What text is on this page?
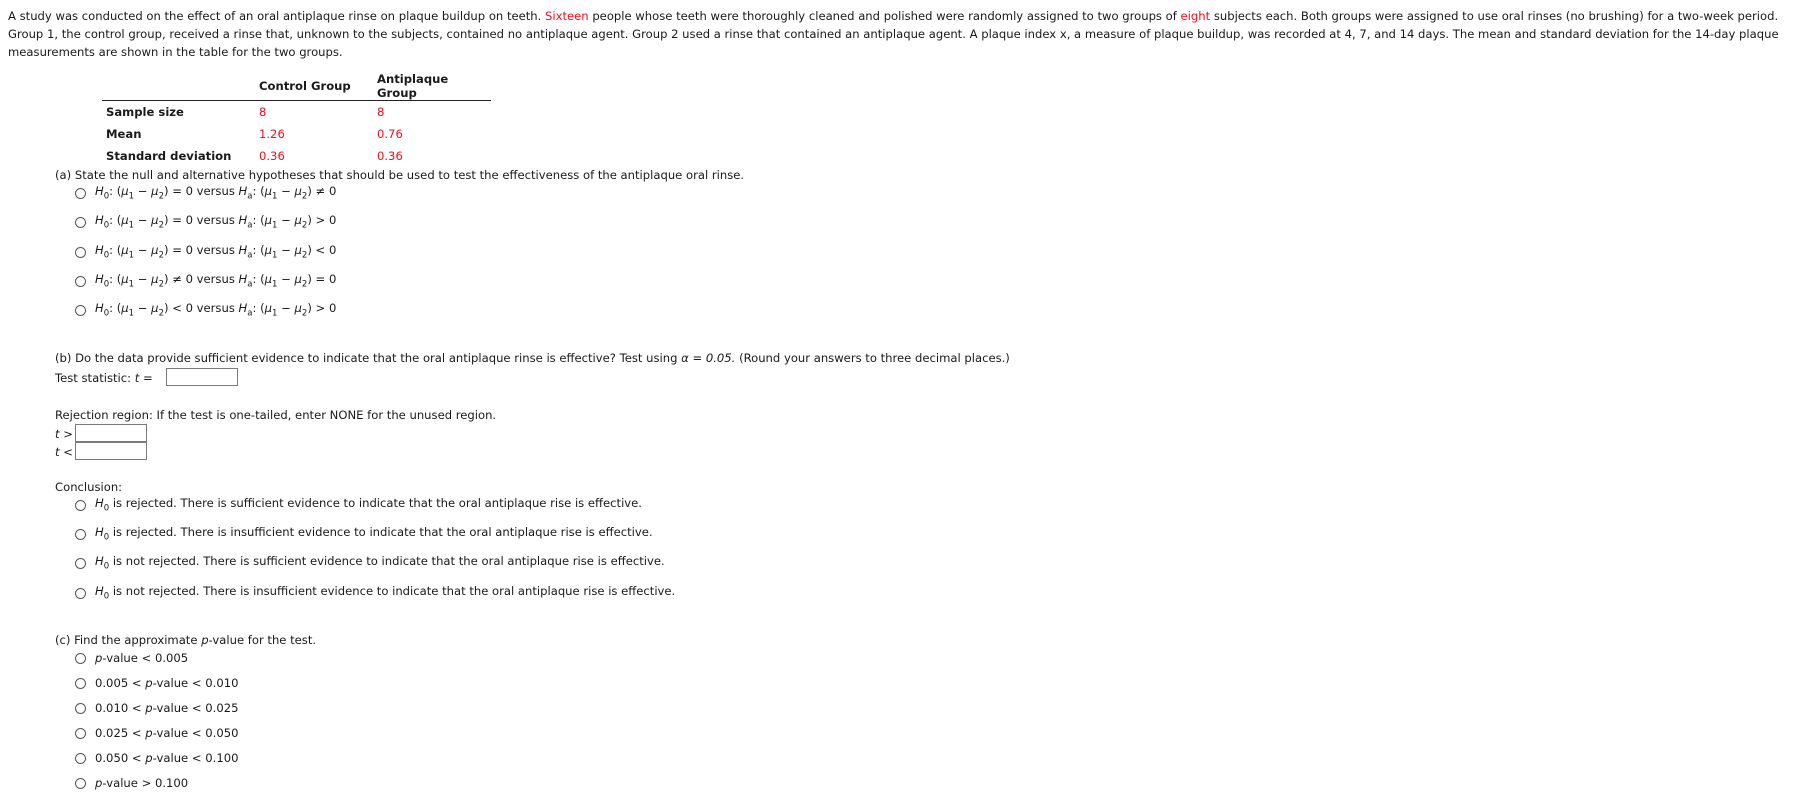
A study was conducted on the effect of an oral antiplaque rinse on plaque buildup on teeth. Sixteen people whose teeth were thoroughly cleaned and polished were randomly assigned to two groups of eight subjects each. Both groups were assigned to use oral rinses (no brushing) for a two-week period. Group 1, the control group, received a rinse that, unknown to the subjects, contained no antiplaque agent. Group 2 used a rinse that contained an antiplaque agent. A plaque index x, a measure of plaque buildup, was recorded at 4, 7, and 14 days. The mean and standard deviation for the 14-day plaque measurements are shown in the table for the two groups.
	Control Group	Antiplaque Group
Sample size	8	8
Mean	1.26	0.76
Standard deviation	0.36	0.36
(a) State the null and alternative hypotheses that should be used to test the effectiveness of the antiplaque oral rinse.
$H_0$: $(\mu_1 - \mu_2) = 0$ versus $H_a$: $(\mu_1 - \mu_2) \ne 0$
$H_0$: $(\mu_1 - \mu_2) = 0$ versus $H_a$: $(\mu_1 - \mu_2) > 0$
$H_0$: $(\mu_1 - \mu_2) = 0$ versus $H_a$: $(\mu_1 - \mu_2) < 0$
$H_0$: $(\mu_1 - \mu_2) \ne 0$ versus $H_a$: $(\mu_1 - \mu_2) = 0$
$H_0$: $(\mu_1 - \mu_2) < 0$ versus $H_a$: $(\mu_1 - \mu_2) > 0$
(b) Do the data provide sufficient evidence to indicate that the oral antiplaque rinse is effective? Test using α = 0.05. (Round your answers to three decimal places.)
Test statistic: t =
Rejection region: If the test is one-tailed, enter NONE for the unused region.
t >
t <
Conclusion:
$H_0$ is rejected. There is sufficient evidence to indicate that the oral antiplaque rise is effective.
$H_0$ is rejected. There is insufficient evidence to indicate that the oral antiplaque rise is effective.
$H_0$ is not rejected. There is sufficient evidence to indicate that the oral antiplaque rise is effective.
$H_0$ is not rejected. There is insufficient evidence to indicate that the oral antiplaque rise is effective.
(c) Find the approximate p-value for the test.
p-value < 0.005
0.005 < p-value < 0.010
0.010 < p-value < 0.025
0.025 < p-value < 0.050
0.050 < p-value < 0.100
p-value > 0.100
